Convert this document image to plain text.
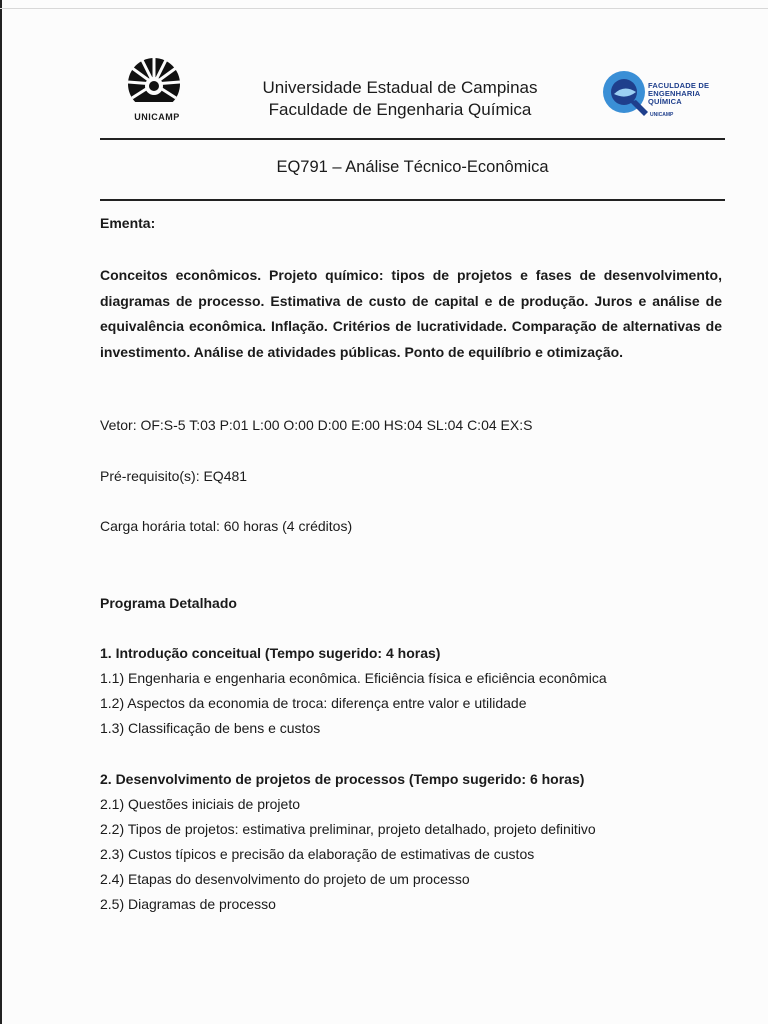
UNICAMP
Universidade Estadual de Campinas
Faculdade de Engenharia Química
FACULDADE DE
ENGENHARIA
QUÍMICA
UNICAMP
EQ791 – Análise Técnico-Econômica
Ementa:
Conceitos econômicos. Projeto químico: tipos de projetos e fases de desenvolvimento, diagramas de processo. Estimativa de custo de capital e de produção. Juros e análise de equivalência econômica. Inflação. Critérios de lucratividade. Comparação de alternativas de investimento. Análise de atividades públicas. Ponto de equilíbrio e otimização.
Vetor: OF:S-5 T:03 P:01 L:00 O:00 D:00 E:00 HS:04 SL:04 C:04 EX:S
Pré-requisito(s): EQ481
Carga horária total: 60 horas (4 créditos)
Programa Detalhado
1. Introdução conceitual (Tempo sugerido: 4 horas)
1.1) Engenharia e engenharia econômica. Eficiência física e eficiência econômica
1.2) Aspectos da economia de troca: diferença entre valor e utilidade
1.3) Classificação de bens e custos
2. Desenvolvimento de projetos de processos (Tempo sugerido: 6 horas)
2.1) Questões iniciais de projeto
2.2) Tipos de projetos: estimativa preliminar, projeto detalhado, projeto definitivo
2.3) Custos típicos e precisão da elaboração de estimativas de custos
2.4) Etapas do desenvolvimento do projeto de um processo
2.5) Diagramas de processo
